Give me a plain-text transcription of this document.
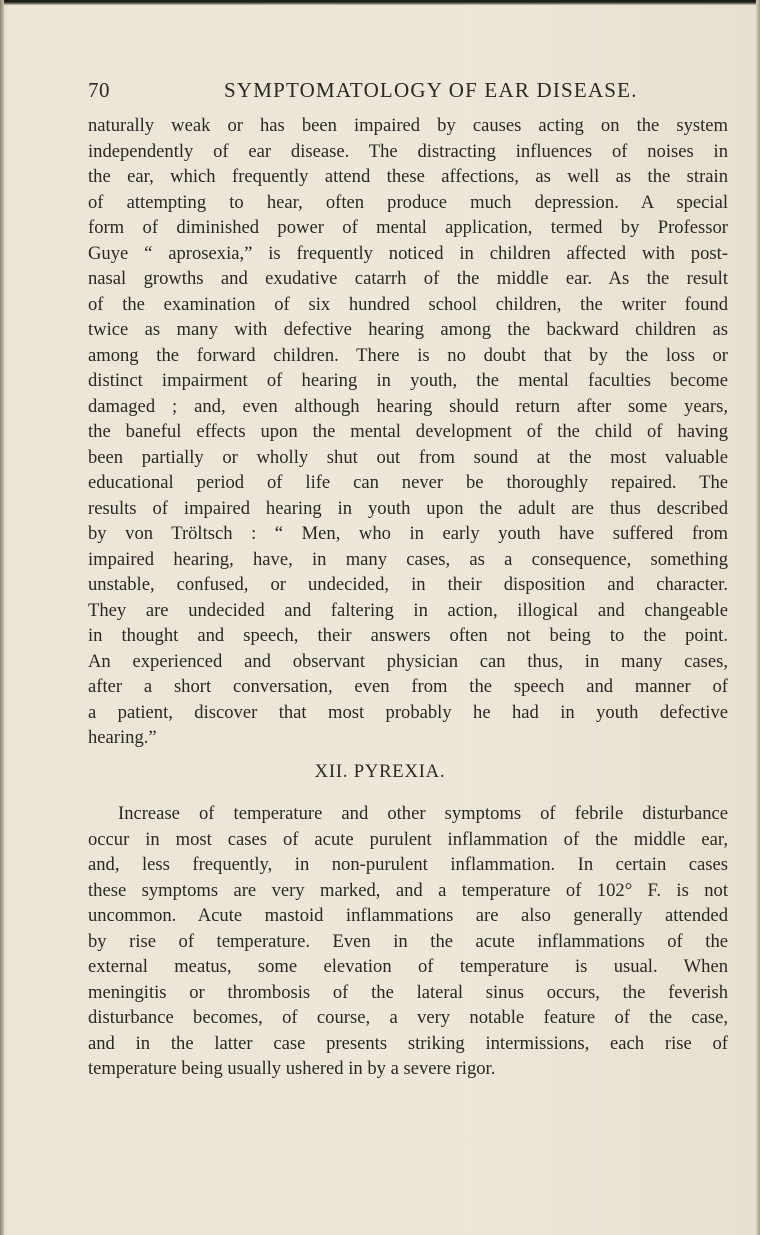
70	SYMPTOMATOLOGY OF EAR DISEASE.
naturally weak or has been impaired by causes acting on the system
independently of ear disease. The distracting influences of noises in
the ear, which frequently attend these affections, as well as the strain
of attempting to hear, often produce much depression. A special
form of diminished power of mental application, termed by Professor
Guye “ aprosexia,” is frequently noticed in children affected with post-
nasal growths and exudative catarrh of the middle ear. As the result
of the examination of six hundred school children, the writer found
twice as many with defective hearing among the backward children as
among the forward children. There is no doubt that by the loss or
distinct impairment of hearing in youth, the mental faculties become
damaged ; and, even although hearing should return after some years,
the baneful effects upon the mental development of the child of having
been partially or wholly shut out from sound at the most valuable
educational period of life can never be thoroughly repaired. The
results of impaired hearing in youth upon the adult are thus described
by von Tröltsch : “ Men, who in early youth have suffered from
impaired hearing, have, in many cases, as a consequence, something
unstable, confused, or undecided, in their disposition and character.
They are undecided and faltering in action, illogical and changeable
in thought and speech, their answers often not being to the point.
An experienced and observant physician can thus, in many cases,
after a short conversation, even from the speech and manner of
a patient, discover that most probably he had in youth defective
hearing.”
XII. PYREXIA.
Increase of temperature and other symptoms of febrile disturbance
occur in most cases of acute purulent inflammation of the middle ear,
and, less frequently, in non-purulent inflammation. In certain cases
these symptoms are very marked, and a temperature of 102° F. is not
uncommon. Acute mastoid inflammations are also generally attended
by rise of temperature. Even in the acute inflammations of the
external meatus, some elevation of temperature is usual. When
meningitis or thrombosis of the lateral sinus occurs, the feverish
disturbance becomes, of course, a very notable feature of the case,
and in the latter case presents striking intermissions, each rise of
temperature being usually ushered in by a severe rigor.
